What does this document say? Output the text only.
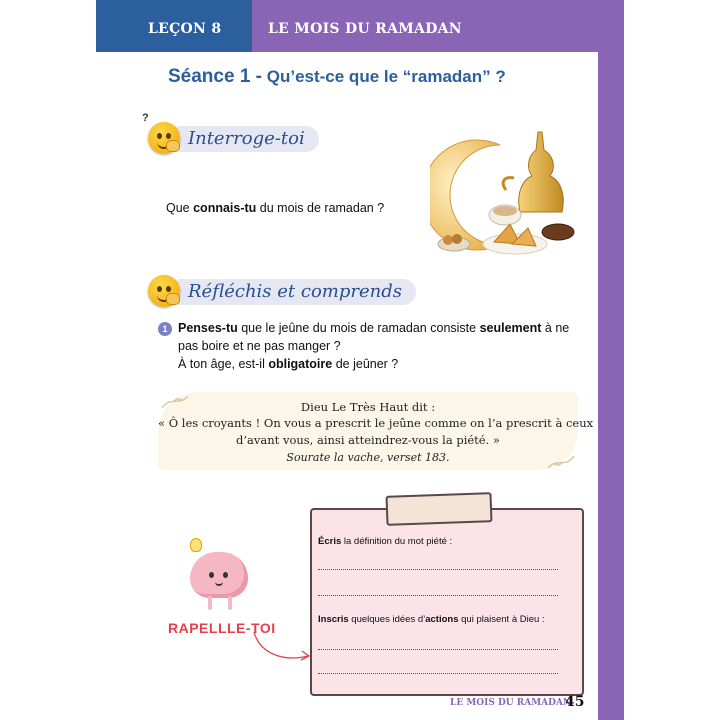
LEÇON 8	LE MOIS DU RAMADAN
Séance 1 - Qu’est-ce que le “ramadan” ?
Interroge-toi
?
Que connais-tu du mois de ramadan ?
Réfléchis et comprends
1 Penses-tu que le jeûne du mois de ramadan consiste seulement à ne
pas boire et ne pas manger ?
À ton âge, est-il obligatoire de jeûner ?
Dieu Le Très Haut dit :
« Ô les croyants ! On vous a prescrit le jeûne comme on l’a prescrit à ceux
d’avant vous, ainsi atteindrez-vous la piété. »
Sourate la vache, verset 183.
RAPELLLE-TOI
Écris la définition du mot piété :
Inscris quelques idées d’actions qui plaisent à Dieu :
LE MOIS DU RAMADAN
45
